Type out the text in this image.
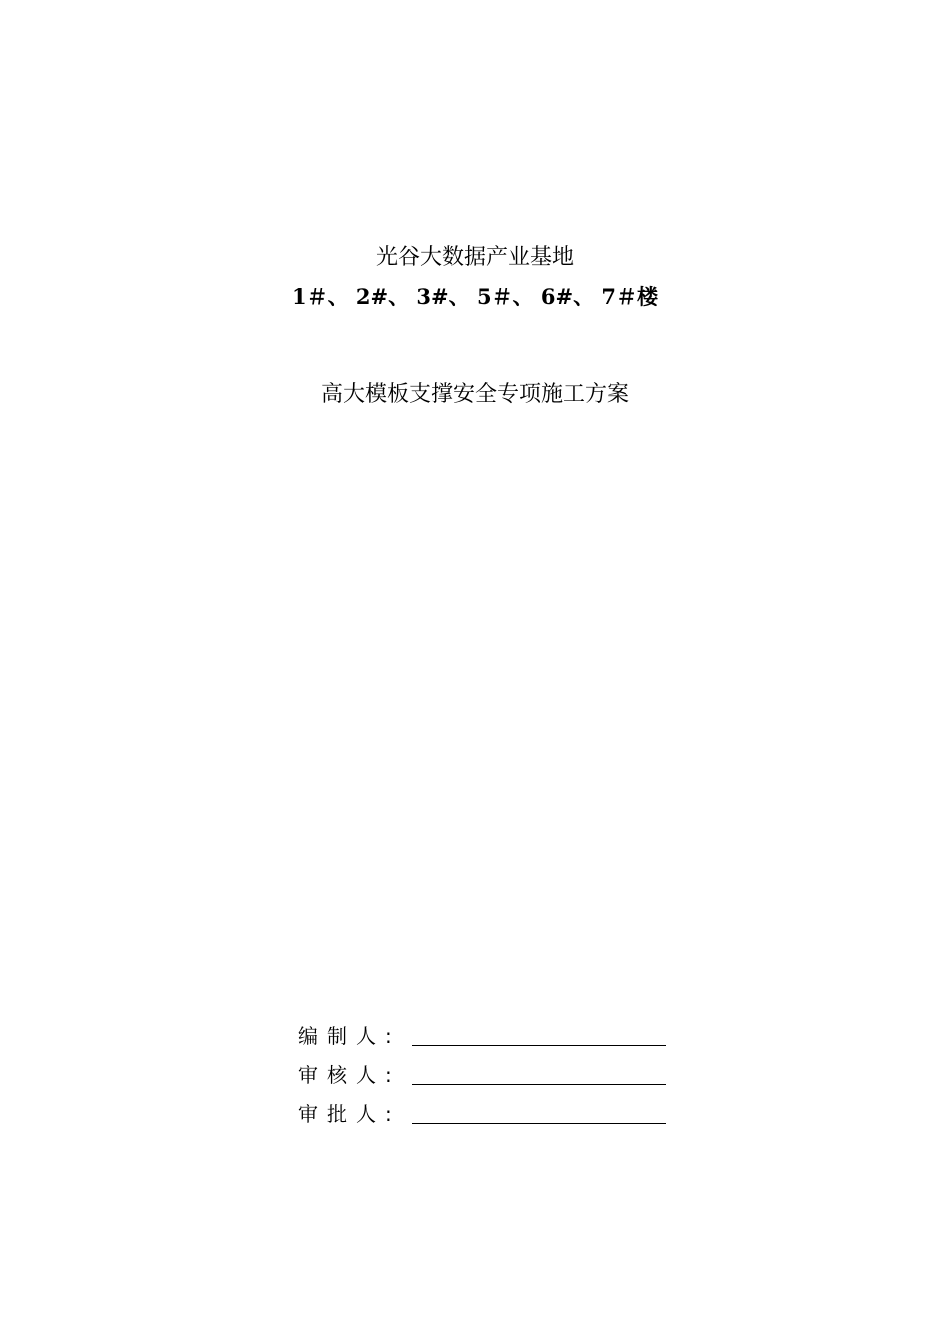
光谷大数据产业基地
1＃、 2#、 3#、 5＃、 6#、 7＃楼
高大模板支撑安全专项施工方案
编制人:
审核人:
审批人:
